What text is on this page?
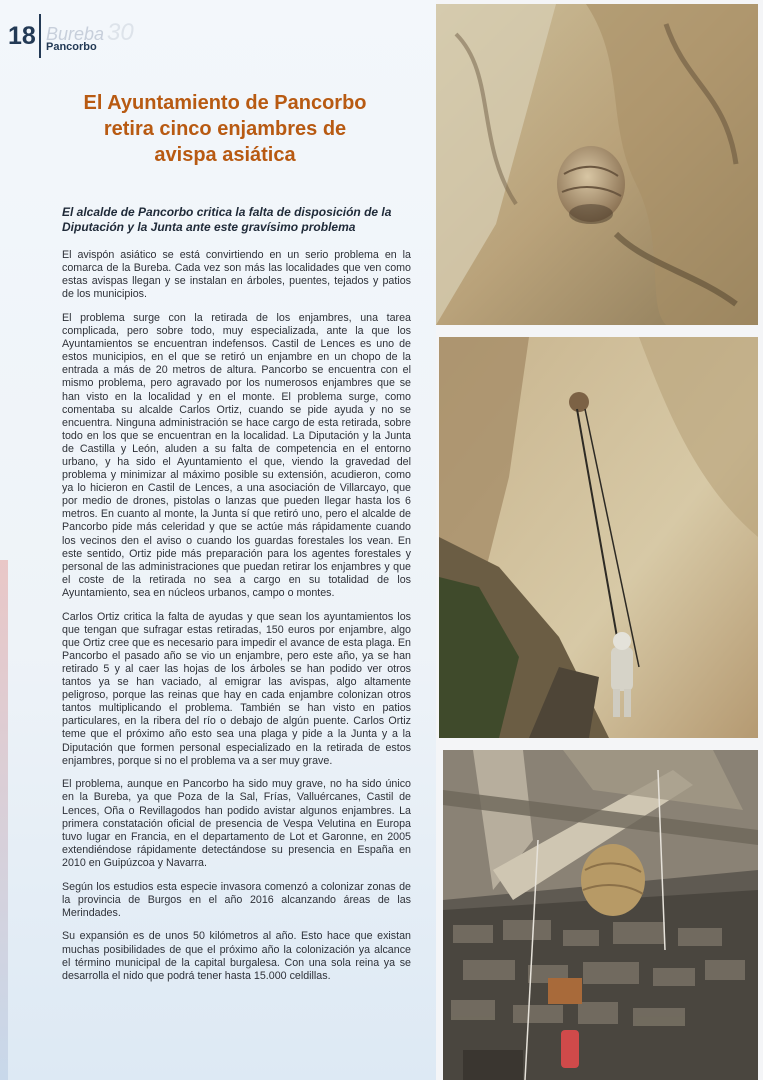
18 Bureba 30
Pancorbo
El Ayuntamiento de Pancorbo
retira cinco enjambres de
avispa asiática
El alcalde de Pancorbo critica la falta de disposición de la Diputación y la Junta ante este gravísimo problema

El avispón asiático se está convirtiendo en un serio problema en la comarca de la Bureba. Cada vez son más las localidades que ven como estas avispas llegan y se instalan en árboles, puentes, tejados y patios de los municipios.

El problema surge con la retirada de los enjambres, una tarea complicada, pero sobre todo, muy especializada, ante la que los Ayuntamientos se encuentran indefensos. Castil de Lences es uno de estos municipios, en el que se retiró un enjambre en un chopo de la entrada a más de 20 metros de altura. Pancorbo se encuentra con el mismo problema, pero agravado por los numerosos enjambres que se han visto en la localidad y en el monte. El problema surge, como comentaba su alcalde Carlos Ortiz, cuando se pide ayuda y no se encuentra. Ninguna administración se hace cargo de esta retirada, sobre todo en los que se encuentran en la localidad. La Diputación y la Junta de Castilla y León, aluden a su falta de competencia en el entorno urbano, y ha sido el Ayuntamiento el que, viendo la gravedad del problema y minimizar al máximo posible su extensión, acudieron, como ya lo hicieron en Castil de Lences, a una asociación de Villarcayo, que por medio de drones, pistolas o lanzas que pueden llegar hasta los 6 metros. En cuanto al monte, la Junta sí que retiró uno, pero el alcalde de Pancorbo pide más celeridad y que se actúe más rápidamente cuando los vecinos den el aviso o cuando los guardas forestales los vean. En este sentido, Ortiz pide más preparación para los agentes forestales y personal de las administraciones que puedan retirar los enjambres y que el coste de la retirada no sea a cargo en su totalidad de los Ayuntamiento, sea en núcleos urbanos, campo o montes.

Carlos Ortiz critica la falta de ayudas y que sean los ayuntamientos los que tengan que sufragar estas retiradas, 150 euros por enjambre, algo que Ortiz cree que es necesario para impedir el avance de esta plaga. En Pancorbo el pasado año se vio un enjambre, pero este año, ya se han retirado 5 y al caer las hojas de los árboles se han podido ver otros tantos ya se han vaciado, al emigrar las avispas, algo altamente peligroso, porque las reinas que hay en cada enjambre colonizan otros tantos multiplicando el problema. También se han visto en patios particulares, en la ribera del río o debajo de algún puente. Carlos Ortiz teme que el próximo año esto sea una plaga y pide a la Junta y a la Diputación que formen personal especializado en la retirada de estos enjambres, porque si no el problema va a ser muy grave.

El problema, aunque en Pancorbo ha sido muy grave, no ha sido único en la Bureba, ya que Poza de la Sal, Frías, Valluércanes, Castil de Lences, Oña o Revillagodos han podido avistar algunos enjambres. La primera constatación oficial de presencia de Vespa Velutina en Europa tuvo lugar en Francia, en el departamento de Lot et Garonne, en 2005 extendiéndose rápidamente detectándose su presencia en España en 2010 en Guipúzcoa y Navarra.

Según los estudios esta especie invasora comenzó a colonizar zonas de la provincia de Burgos en el año 2016 alcanzando áreas de las Merindades.

Su expansión es de unos 50 kilómetros al año. Esto hace que existan muchas posibilidades de que el próximo año la colonización ya alcance el término municipal de la capital burgalesa. Con una sola reina ya se desarrolla el nido que podrá tener hasta 15.000 celdillas.
